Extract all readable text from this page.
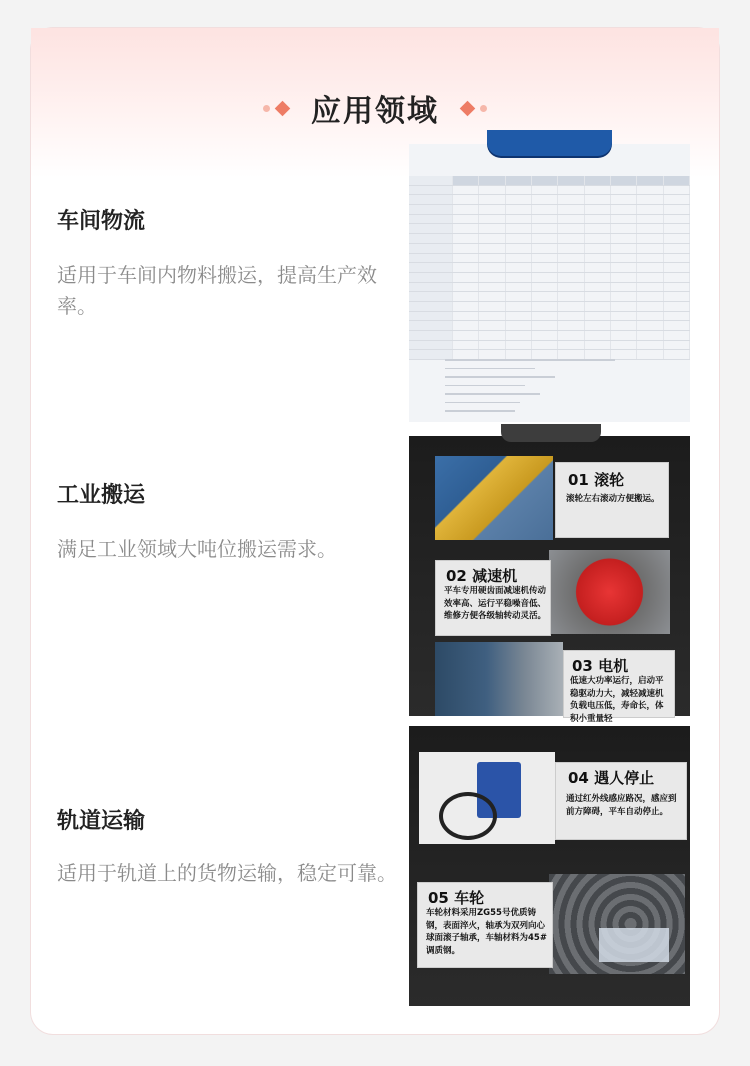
应用领域
车间物流
适用于车间内物料搬运，提高生产效率。
工业搬运
满足工业领域大吨位搬运需求。
轨道运输
适用于轨道上的货物运输，稳定可靠。
01 滚轮
滚轮左右滚动方便搬运。
02 减速机
平车专用硬齿面减速机传动效率高、运行平稳噪音低、维修方便各级轴转动灵活。
03 电机
低速大功率运行，启动平稳驱动力大，减轻减速机负载电压低，寿命长，体积小重量轻
04 遇人停止
通过红外线感应路况，感应到前方障碍，平车自动停止。
05 车轮
车轮材料采用ZG55号优质铸钢，表面淬火，轴承为双列向心球面滚子轴承，车轴材料为45#调质钢。
